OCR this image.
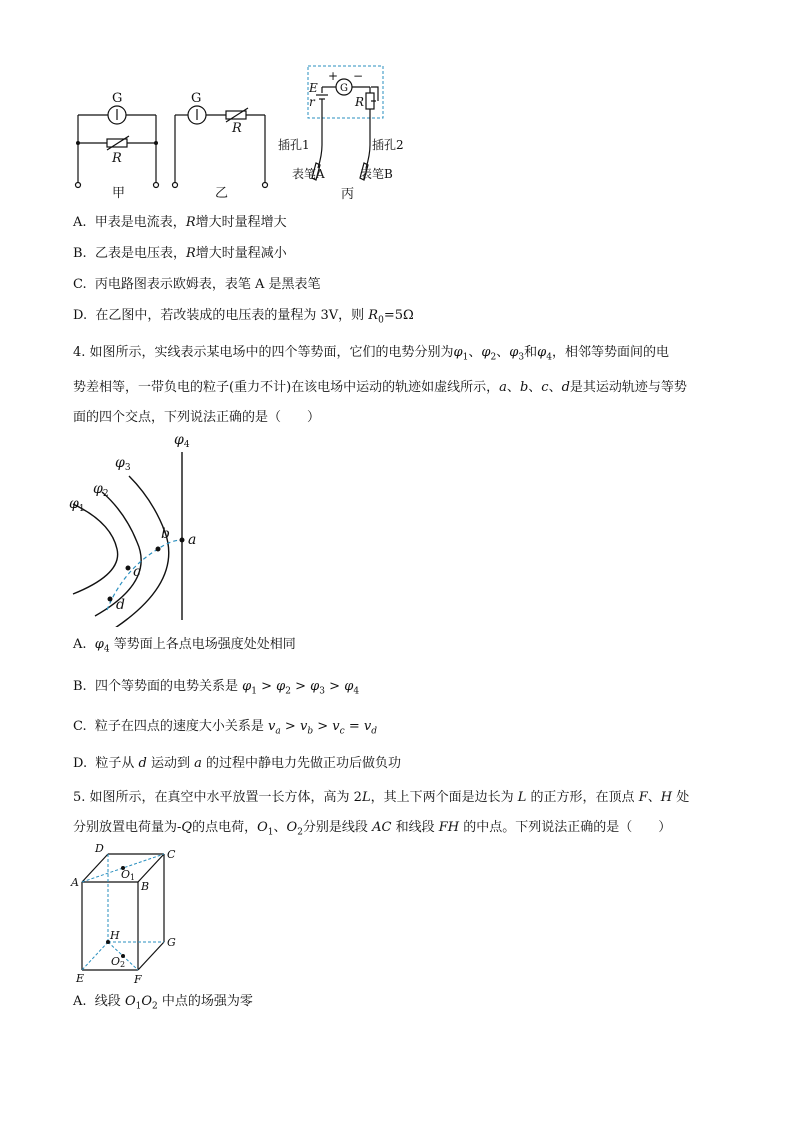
G
R
甲
G
R
乙
+
G
−
E
r	R
插孔1	插孔2
表笔A	表笔B
丙
A. 甲表是电流表，R增大时量程增大
B. 乙表是电压表，R增大时量程减小
C. 丙电路图表示欧姆表，表笔 A 是黑表笔
D. 在乙图中，若改装成的电压表的量程为 3V，则 $R_0=5\Omega$

4. 如图所示，实线表示某电场中的四个等势面，它们的电势分别为$\varphi_1$、$\varphi_2$、$\varphi_3$和$\varphi_4$，相邻等势面间的电

势差相等，一带负电的粒子(重力不计)在该电场中运动的轨迹如虚线所示，a、b、c、d是其运动轨迹与等势

面的四个交点，下列说法正确的是（　　）

$\varphi_1$
$\varphi_2$
$\varphi_3$
$\varphi_4$
a
b
c
d
A. $\varphi_4$ 等势面上各点电场强度处处相同
B. 四个等势面的电势关系是 $\varphi_1 > \varphi_2 > \varphi_3 > \varphi_4$
C. 粒子在四点的速度大小关系是 $v_a > v_b > v_c = v_d$
D. 粒子从 d 运动到 a 的过程中静电力先做正功后做负功

5. 如图所示，在真空中水平放置一长方体，高为 2L，其上下两个面是边长为 L 的正方形，在顶点 F、H 处

分别放置电荷量为-Q的点电荷，$O_1$、$O_2$分别是线段 AC 和线段 FH 的中点。下列说法正确的是（　　）

A	B
C
D
E	F
G
H
O1
O2
A. 线段 $O_1O_2$ 中点的场强为零
